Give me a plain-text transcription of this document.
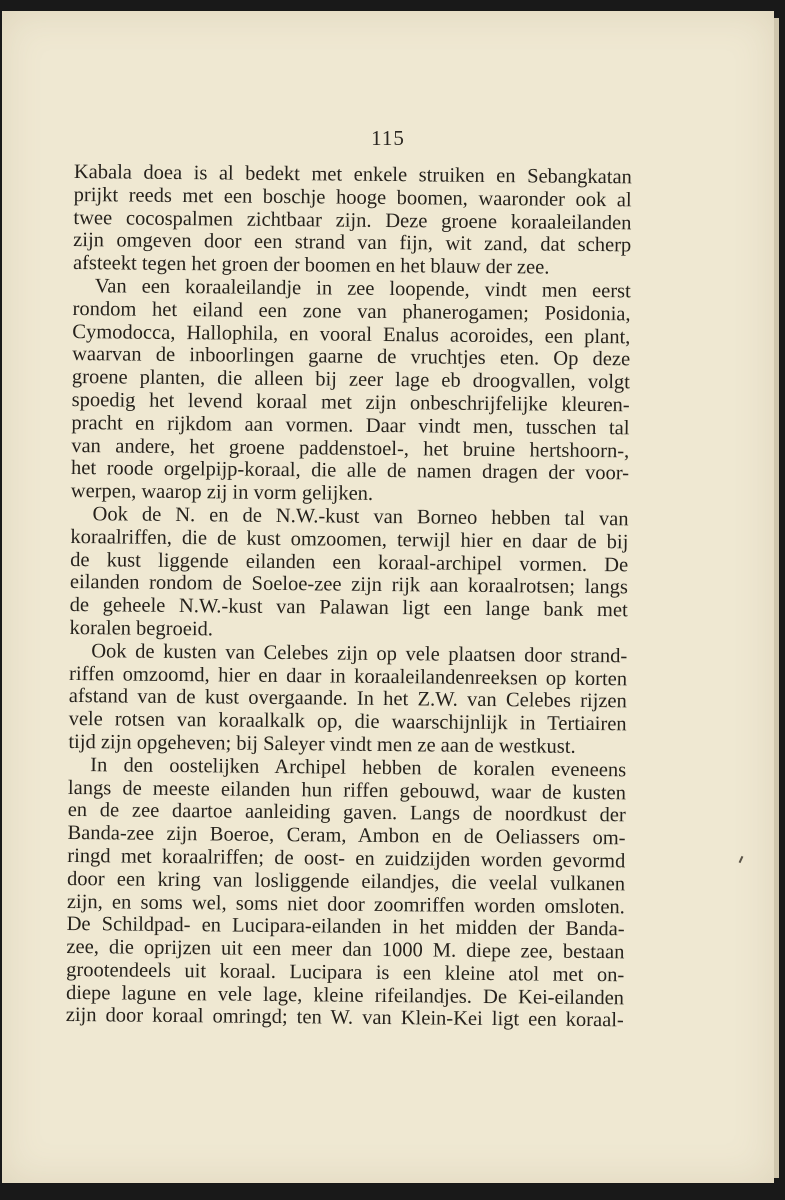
115
Kabala doea is al bedekt met enkele struiken en Sebangkatan
prijkt reeds met een boschje hooge boomen, waaronder ook al
twee cocospalmen zichtbaar zijn. Deze groene koraaleilanden
zijn omgeven door een strand van fijn, wit zand, dat scherp
afsteekt tegen het groen der boomen en het blauw der zee.
Van een koraaleilandje in zee loopende, vindt men eerst
rondom het eiland een zone van phanerogamen; Posidonia,
Cymodocca, Hallophila, en vooral Enalus acoroides, een plant,
waarvan de inboorlingen gaarne de vruchtjes eten. Op deze
groene planten, die alleen bij zeer lage eb droogvallen, volgt
spoedig het levend koraal met zijn onbeschrijfelijke kleuren-
pracht en rijkdom aan vormen. Daar vindt men, tusschen tal
van andere, het groene paddenstoel-, het bruine hertshoorn-,
het roode orgelpijp-koraal, die alle de namen dragen der voor-
werpen, waarop zij in vorm gelijken.
Ook de N. en de N.W.-kust van Borneo hebben tal van
koraalriffen, die de kust omzoomen, terwijl hier en daar de bij
de kust liggende eilanden een koraal-archipel vormen. De
eilanden rondom de Soeloe-zee zijn rijk aan koraalrotsen; langs
de geheele N.W.-kust van Palawan ligt een lange bank met
koralen begroeid.
Ook de kusten van Celebes zijn op vele plaatsen door strand-
riffen omzoomd, hier en daar in koraaleilandenreeksen op korten
afstand van de kust overgaande. In het Z.W. van Celebes rijzen
vele rotsen van koraalkalk op, die waarschijnlijk in Tertiairen
tijd zijn opgeheven; bij Saleyer vindt men ze aan de westkust.
In den oostelijken Archipel hebben de koralen eveneens
langs de meeste eilanden hun riffen gebouwd, waar de kusten
en de zee daartoe aanleiding gaven. Langs de noordkust der
Banda-zee zijn Boeroe, Ceram, Ambon en de Oeliassers om-
ringd met koraalriffen; de oost- en zuidzijden worden gevormd
door een kring van losliggende eilandjes, die veelal vulkanen
zijn, en soms wel, soms niet door zoomriffen worden omsloten.
De Schildpad- en Lucipara-eilanden in het midden der Banda-
zee, die oprijzen uit een meer dan 1000 M. diepe zee, bestaan
grootendeels uit koraal. Lucipara is een kleine atol met on-
diepe lagune en vele lage, kleine rifeilandjes. De Kei-eilanden
zijn door koraal omringd; ten W. van Klein-Kei ligt een koraal-
